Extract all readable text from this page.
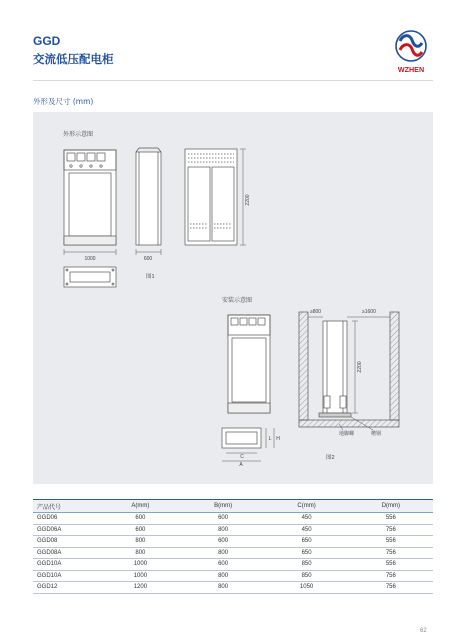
GGD
交流低压配电柜
WZHEN
外形及尺寸 (mm)
外形示意图
1000	600
2200
图1
安装示意图
C
A
L H
≥800	≥1600
2200
地脚螺	槽钢
图2
产品代号	A(mm)	B(mm)	C(mm)	D(mm)
GGD06	600	600	450	556
GGD06A	600	800	450	756
GGD08	800	600	650	556
GGD08A	800	800	650	756
GGD10A	1000	600	850	556
GGD10A	1000	800	850	756
GGD12	1200	800	1050	756
62
